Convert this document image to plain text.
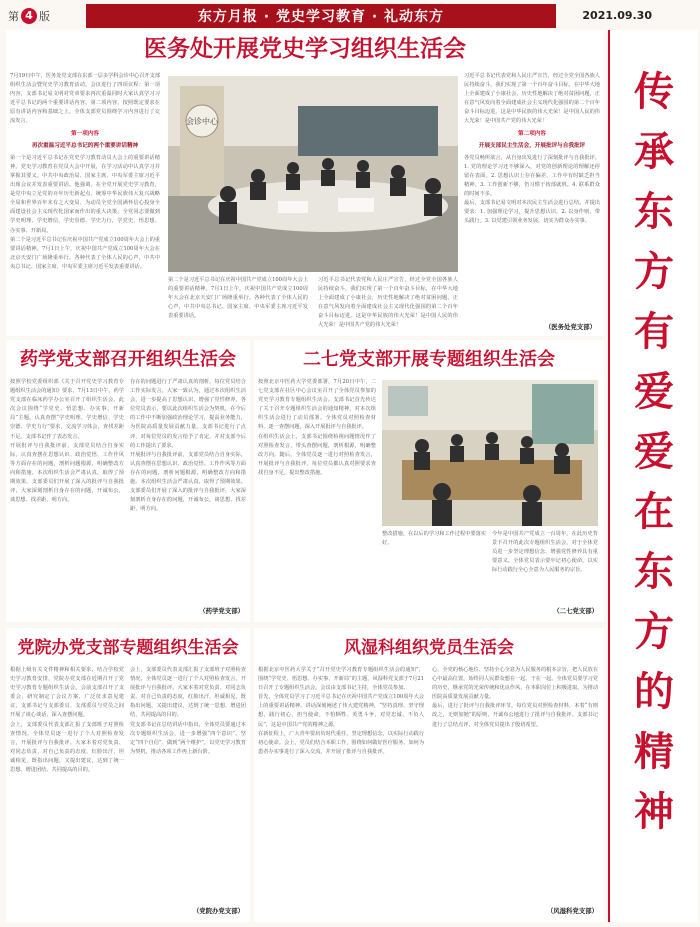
第 4 版	东方月报 · 党史学习教育 · 礼动东方	2021.09.30
传
承
东
方
有
爱
爱
在
东
方
的
精
神
医务处开展党史学习组织生活会

7月19日中午，医务处党支部在东部一层多学科会诊中心召开支部组织生活会暨党史学习教育活动。会议进行了四项议程：第一项内容，支部书记易文明对党章要求再次重温同时大家认真学习习近平总书记的两个重要讲话内容。第二项内容，按照既定要求在原有讲话内容和基础之上，全体支部党员围绕学习内容进行了交流发言。

第一项内容
再次重温习近平总书记的两个重要讲话精神

第一个是习近平总书记在党史学习教育动员大会上的重要讲话精神。党史学习教育在党员大会中开展，在学习活动中认真学习并掌握其要义。中共中央政治局、国家主席、中央军委主席习近平出席会议并发表重要讲话。他强调，在全党开展党史学习教育，是党中央立足党的百年历史新起点、统筹中华民族伟大复兴战略全局和世界百年未有之大变局、为动员全党全国满怀信心投身全面建设社会主义现代化国家而作出的重大决策。全党同志要做到学史明理、学史增信、学史崇德、学史力行，学党史、悟思想、办实事、开新局。

第二个是习近平总书记在庆祝中国共产党成立100周年大会上的重要讲话精神。7月1日上午，庆祝中国共产党成立100周年大会在北京天安门广场隆重举行。各种代表了全体人民的心声，中共中央总书记、国家主席、中央军委主席习近平发表重要讲话。

会诊中心

第二个是习近平总书记在庆祝中国共产党成立100周年大会上的重要讲话精神。7月1日上午，庆祝中国共产党成立100周年大会在北京天安门广场隆重举行。各种代表了全体人民的心声，中共中央总书记、国家主席、中央军委主席习近平发表重要讲话。

习近平总书记代表党和人民庄严宣告，经过全党全国各族人民持续奋斗，我们实现了第一个百年奋斗目标，在中华大地上全面建成了小康社会，历史性地解决了绝对贫困问题，正在意气风发向着全面建成社会主义现代化强国的第二个百年奋斗目标迈进。这是中华民族的伟大光荣！是中国人民的伟大光荣！是中国共产党的伟大光荣！

习近平总书记代表党和人民庄严宣告，经过全党全国各族人民持续奋斗，我们实现了第一个百年奋斗目标，在中华大地上全面建成了小康社会，历史性地解决了绝对贫困问题，正在意气风发向着全面建成社会主义现代化强国的第二个百年奋斗目标迈进。这是中华民族的伟大光荣！是中国人民的伟大光荣！是中国共产党的伟大光荣！

第二项内容
开展支部民主生活会，开展批评与自我批评

各党员畅所欲言，从自身出发进行了深刻批评与自我批评。1. 党的理论学习还不够深入，对党的创新理论的理解还停留在表面。2. 思想认识上存在偏差，工作中有时缺乏担当精神。3. 工作创新不够，仍习惯于按部就班。4. 联系群众的时间不多。

最后，支部书记易文明对本次民主生活会进行总结。并提出要求：1. 加强理论学习，提升思想认识。2. 以身作则，带头践行。3. 以党建引领业务发展，切实为群众办实事。

（医务处党支部）
药学党支部召开组织生活会

按照学校党委组织部《关于召开党史学习教育专题组织生活会的通知》要求，7月13日中午，药学党支部在临床药学办公室召开了组织生活会。此次会议围绕“学党史、悟思想、办实事、开新局”主题，认真查摆“学史明理、学史增信、学史崇德、学史力行”要求，交流学习体会，查找差距不足。支部书记作了表态发言。

开展批评与自我批评前，支部党员结合自身实际，认真查摆在思想认识、政治觉悟、工作作风等方面存在的问题，剖析问题根源，明确整改方向和措施。本次组织生活会严肃认真，取得了预期效果。支部委员们开展了深入的批评与自我批评，大家深刻剖析自身存在的问题，开诚布公，谈思想、找差距、明方向。

存在的问题进行了严肃认真的剖析，每位党员结合工作实际发言，大家一致认为，通过本次组织生活会，进一步提高了思想认识，增强了党性修养。各位党员表示，要以此次组织生活会为契机，在今后的工作中不断加强政治理论学习，提高业务能力，为医院高质量发展贡献力量。支部书记进行了点评，对每位党员的发言给予了肯定，并对支部今后的工作提出了要求。

开展批评与自我批评前，支部党员结合自身实际，认真查摆在思想认识、政治觉悟、工作作风等方面存在的问题，剖析问题根源，明确整改方向和措施。本次组织生活会严肃认真，取得了预期效果。支部委员们开展了深入的批评与自我批评，大家深刻剖析自身存在的问题，开诚布公，谈思想、找差距、明方向。

（药学党支部）
二七党支部开展专题组织生活会

按照北京中医药大学党委部署，7月20日中午，二七党支部在社区中心会议室召开了全体党员参加的党史学习教育专题组织生活会。支部书记首先传达了关于召开专题组织生活会的通知精神，对本次组织生活会进行了动员部署。全体党员对照检查材料，逐一查摆问题，深入开展批评与自我批评。

在组织生活会上，支部书记围绕检视问题情况作了对照检查发言，带头查摆问题，剖析根源，明确整改方向。随后，全体党员逐一进行对照检查发言，开展批评与自我批评，每位党员都认真对照要求查找自身不足，提出整改措施。

整改措施。在以后的学习和工作过程中要落实好。

今年是中国共产党成立一百周年，在此历史背景下召开的此次专题组织生活会，对于全体党员进一步坚定理想信念、增强党性修养具有重要意义。全体党员表示要牢记初心使命，以实际行动践行全心全意为人民服务的宗旨。

（二七党支部）
党院办党支部专题组织生活会

根据上级有关文件精神和相关要求，结合学校党史学习教育安排，党院办党支部在近期召开了党史学习教育专题组织生活会。会前支部召开了支委会，研究制定了会议方案，广泛征求意见建议，支部书记与支部委员、支部委员与党员之间开展了谈心谈话，深入查摆问题。

会上，支部委员代表支部汇报了支部班子对照检查情况，全体党员逐一进行了个人对照检查发言，开展批评与自我批评。大家本着对党负责、对同志负责、对自己负责的态度，红脸出汗，坦诚相见，既指出问题，又提出建议，达到了统一思想、增进团结、共同提高的目的。

会上，支部委员代表支部汇报了支部班子对照检查情况，全体党员逐一进行了个人对照检查发言，开展批评与自我批评。大家本着对党负责、对同志负责、对自己负责的态度，红脸出汗，坦诚相见，既指出问题，又提出建议，达到了统一思想、增进团结、共同提高的目的。

党支部书记在总结讲话中指出，全体党员要通过本次专题组织生活会，进一步增强“四个意识”、坚定“四个自信”、做到“两个维护”，以党史学习教育为契机，推动各项工作再上新台阶。

（党院办党支部）
风湿科组织党员生活会

根据北京中医药大学关于“召开党史学习教育专题组织生活会的通知”，围绕“学党史、悟思想、办实事、开新局”的主题，风湿科党支部于7月21日召开了专题组织生活会。会议由支部书记主持，全体党员参加。

首先，全体党员学习了习近平总书记在庆祝中国共产党成立100周年大会上的重要讲话精神。讲话深刻阐述了伟大建党精神，“坚持真理、坚守理想，践行初心、担当使命，不怕牺牲、英勇斗争，对党忠诚、不负人民”，这是中国共产党的精神之源。

在新征程上，广大青年要肩负时代重任，坚定理想信念，以实际行动践行初心使命。会上，党员们结合本职工作，围绕如何做好医疗服务、如何为患者办实事进行了深入交流，并开展了批评与自我批评。

心，全党的核心地位、坚持全心全意为人民服务的根本宗旨，把人民放在心中最高位置，始终同人民群众想在一起、干在一起。全体党员要学习党的历史，继承党的光荣传统和优良作风，在本职岗位上积极进取，为推动医院高质量发展贡献力量。

最后，进行了批评与自我批评环节。每位党员对照检查材料，本着“有则改之，无则加勉”的原则，开诚布公地进行了批评与自我批评。支部书记进行了总结点评，对全体党员提出了殷切希望。

（风湿科党支部）
